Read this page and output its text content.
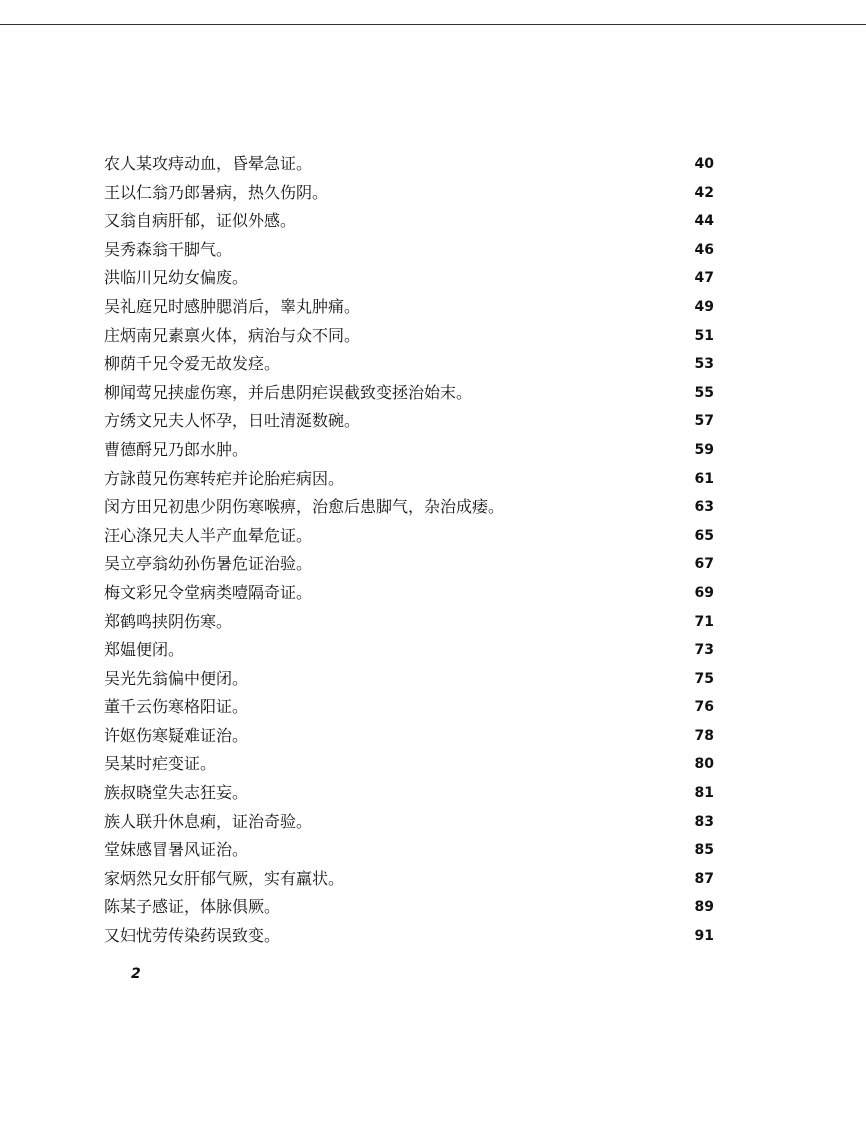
农人某攻痔动血，昏晕急证。	40
王以仁翁乃郎暑病，热久伤阴。	42
又翁自病肝郁，证似外感。	44
吴秀森翁干脚气。	46
洪临川兄幼女偏废。	47
吴礼庭兄时感肿腮消后，睾丸肿痛。	49
庄炳南兄素禀火体，病治与众不同。	51
柳荫千兄令爱无故发痉。	53
柳闻莺兄挟虚伤寒，并后患阴疟误截致变拯治始末。	55
方绣文兄夫人怀孕，日吐清涎数碗。	57
曹德酹兄乃郎水肿。	59
方詠葭兄伤寒转疟并论胎疟病因。	61
闵方田兄初患少阴伤寒喉痹，治愈后患脚气，杂治成痿。	63
汪心涤兄夫人半产血晕危证。	65
吴立亭翁幼孙伤暑危证治验。	67
梅文彩兄令堂病类噎隔奇证。	69
郑鹤鸣挟阴伤寒。	71
郑媪便闭。	73
吴光先翁偏中便闭。	75
董千云伤寒格阳证。	76
许妪伤寒疑难证治。	78
吴某时疟变证。	80
族叔晓堂失志狂妄。	81
族人联升休息痢，证治奇验。	83
堂妹感冒暑风证治。	85
家炳然兄女肝郁气厥，实有羸状。	87
陈某子感证，体脉俱厥。	89
又妇忧劳传染药误致变。	91
2
